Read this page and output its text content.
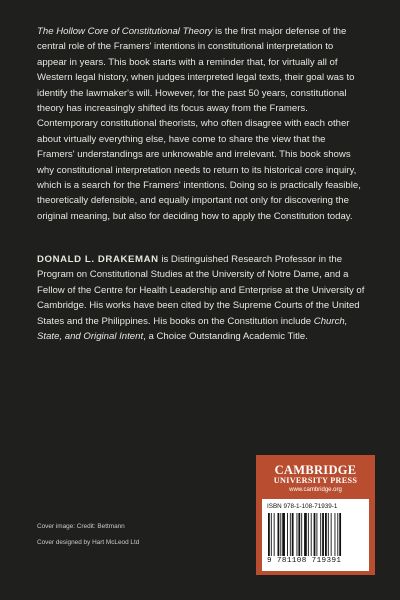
The Hollow Core of Constitutional Theory is the first major defense of the central role of the Framers' intentions in constitutional interpretation to appear in years. This book starts with a reminder that, for virtually all of Western legal history, when judges interpreted legal texts, their goal was to identify the lawmaker's will. However, for the past 50 years, constitutional theory has increasingly shifted its focus away from the Framers. Contemporary constitutional theorists, who often disagree with each other about virtually everything else, have come to share the view that the Framers' understandings are unknowable and irrelevant. This book shows why constitutional interpretation needs to return to its historical core inquiry, which is a search for the Framers' intentions. Doing so is practically feasible, theoretically defensible, and equally important not only for discovering the original meaning, but also for deciding how to apply the Constitution today.

DONALD L. DRAKEMAN is Distinguished Research Professor in the Program on Constitutional Studies at the University of Notre Dame, and a Fellow of the Centre for Health Leadership and Enterprise at the University of Cambridge. His works have been cited by the Supreme Courts of the United States and the Philippines. His books on the Constitution include Church, State, and Original Intent, a Choice Outstanding Academic Title.

Cover image: Credit: Bettmann
Cover designed by Hart McLeod Ltd
CAMBRIDGE
UNIVERSITY PRESS
www.cambridge.org
ISBN 978-1-108-71939-1
9 781108 719391
